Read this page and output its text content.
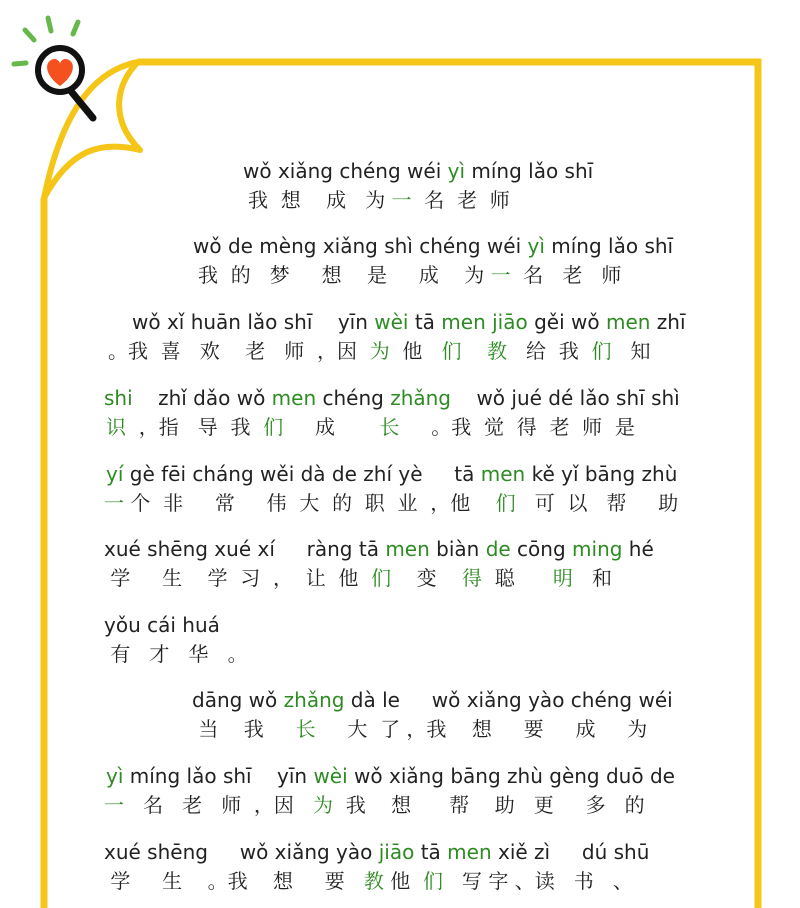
wǒ xiǎng chéng wéi yì míng lǎo shī
我  想    成   为 一  名  老  师
wǒ de mèng xiǎng shì chéng wéi yì míng lǎo shī
我  的   梦     想    是     成    为 一  名   老   师
wǒ xǐ huān lǎo shī    yīn wèi tā men jiāo gěi wǒ men zhī
。我  喜   欢    老   师  ，因  为  他   们    教   给  我  们   知
shi    zhǐ dǎo wǒ men chéng zhǎng    wǒ jué dé lǎo shī shì
识  ，指   导  我  们     成       长     。我  觉  得  老  师  是
yí gè fēi cháng wěi dà de zhí yè     tā men kě yǐ bāng zhù
一 个  非     常     伟  大  的  职  业  ，他    们   可  以   帮     助
xué shēng xué xí     ràng tā men biàn de cōng ming hé
学     生    学  习  ，  让  他  们    变    得  聪      明   和
yǒu cái huá
有   才   华   。
dāng wǒ zhǎng dà le     wǒ xiǎng yào chéng wéi
当    我     长     大  了 ，我    想     要     成     为
yì míng lǎo shī    yīn wèi wǒ xiǎng bāng zhù gèng duō de
一   名   老   师  ，因   为  我    想      帮    助   更     多   的
xué shēng     wǒ xiǎng yào jiāo tā men xiě zì     dú shū
学     生    。我    想     要   教 他  们   写 字 、读   书   、
